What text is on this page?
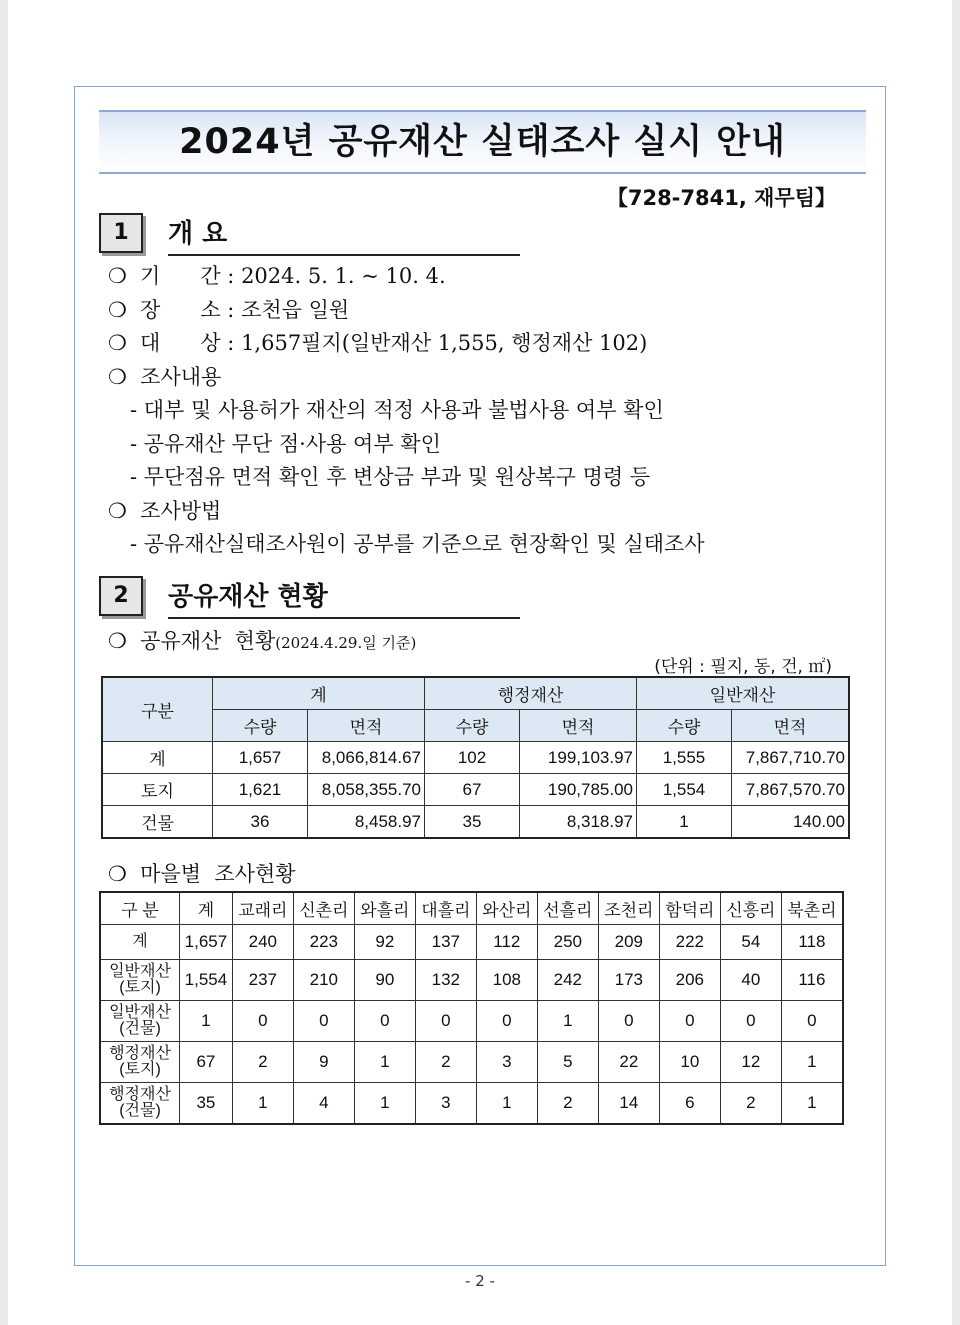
2024년 공유재산 실태조사 실시 안내
【728-7841, 재무팀】
1	개 요
❍ 기      간 : 2024. 5. 1. ~ 10. 4.
❍ 장      소 : 조천읍 일원
❍ 대      상 : 1,657필지(일반재산 1,555, 행정재산 102)
❍  조사내용
- 대부 및 사용허가 재산의 적정 사용과 불법사용 여부 확인
- 공유재산 무단 점·사용 여부 확인
- 무단점유 면적 확인 후 변상금 부과 및 원상복구 명령 등
❍  조사방법
- 공유재산실태조사원이 공부를 기준으로 현장확인 및 실태조사
2	공유재산 현황
❍  공유재산  현황(2024.4.29.일 기준)
(단위 : 필지, 동, 건, ㎡)
구분	계		행정재산		일반재산	
	수량	면적	수량	면적	수량	면적
계	1,657	8,066,814.67	102	199,103.97	1,555	7,867,710.70
토지	1,621	8,058,355.70	67	190,785.00	1,554	7,867,570.70
건물	36	8,458.97	35	8,318.97	1	140.00
❍  마을별  조사현황
구 분	계	교래리	신촌리	와흘리	대흘리	와산리	선흘리	조천리	함덕리	신흥리	북촌리

계	1,657	240	223	92	137	112	250	209	222	54	118

일반재산
(토지)	1,554	237	210	90	132	108	242	173	206	40	116

일반재산
(건물)	1	0	0	0	0	0	1	0	0	0	0

행정재산
(토지)	67	2	9	1	2	3	5	22	10	12	1

행정재산
(건물)	35	1	4	1	3	1	2	14	6	2	1
- 2 -
